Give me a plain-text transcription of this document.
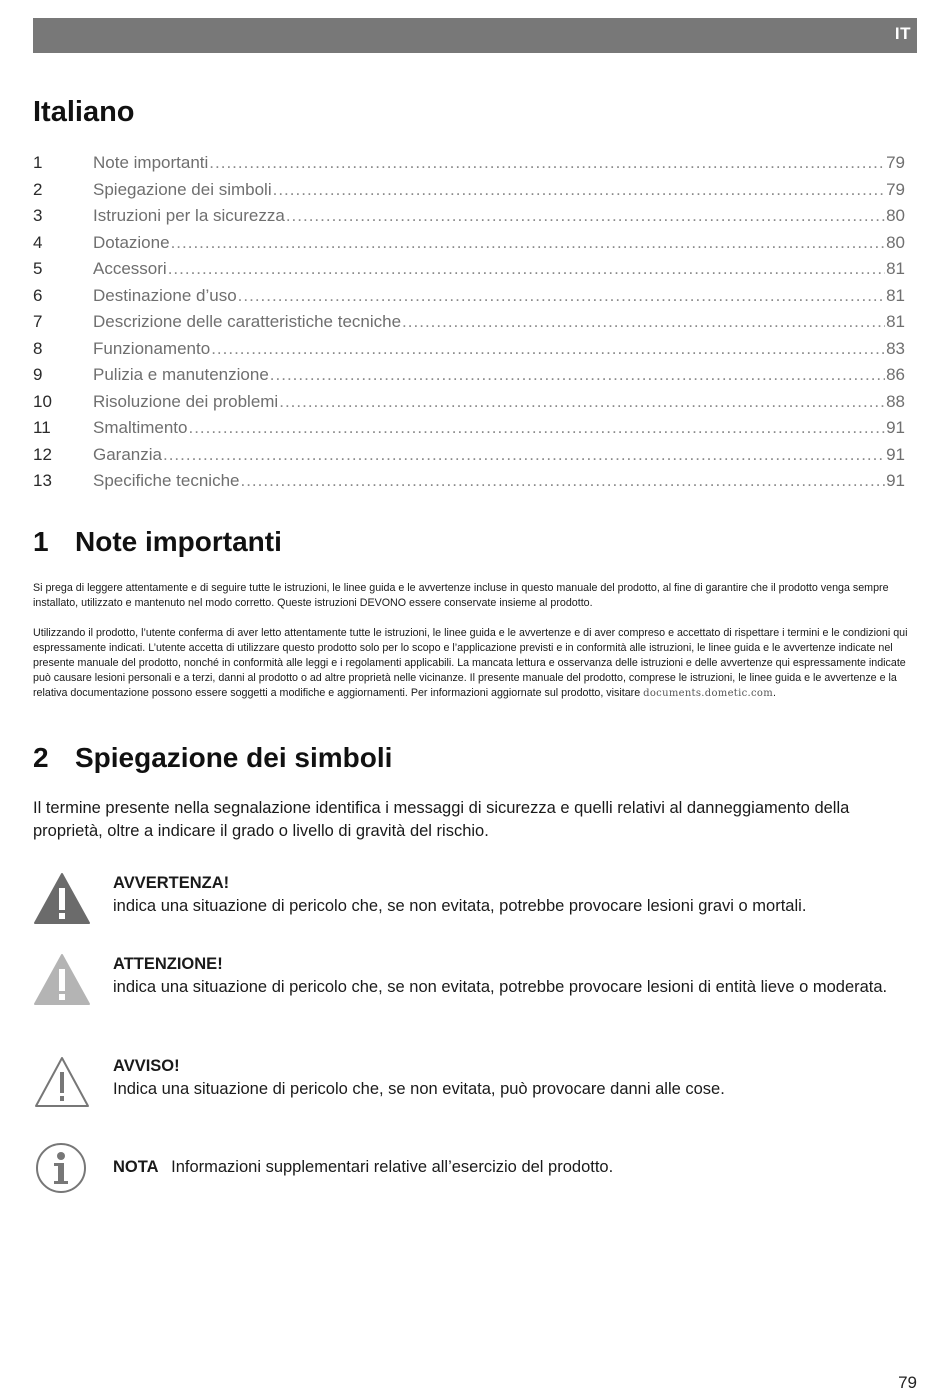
IT
Italiano
1	Note importanti .....	79
2	Spiegazione dei simboli .....	79
3	Istruzioni per la sicurezza .....	80
4	Dotazione .....	80
5	Accessori .....	81
6	Destinazione d’uso .....	81
7	Descrizione delle caratteristiche tecniche .....	81
8	Funzionamento .....	83
9	Pulizia e manutenzione .....	86
10	Risoluzione dei problemi .....	88
11	Smaltimento .....	91
12	Garanzia .....	91
13	Specifiche tecniche .....	91
1 Note importanti

Si prega di leggere attentamente e di seguire tutte le istruzioni, le linee guida e le avvertenze incluse in questo manuale del prodotto, al fine di garantire che il prodotto venga sempre installato, utilizzato e mantenuto nel modo corretto. Queste istruzioni DEVONO essere conservate insieme al prodotto.

Utilizzando il prodotto, l’utente conferma di aver letto attentamente tutte le istruzioni, le linee guida e le avvertenze e di aver compreso e accettato di rispettare i termini e le condizioni qui espressamente indicati. L’utente accetta di utilizzare questo prodotto solo per lo scopo e l’applicazione previsti e in conformità alle istruzioni, le linee guida e le avvertenze indicate nel presente manuale del prodotto, nonché in conformità alle leggi e i regolamenti applicabili. La mancata lettura e osservanza delle istruzioni e delle avvertenze qui espressamente indicate può causare lesioni personali e a terzi, danni al prodotto o ad altre proprietà nelle vicinanze. Il presente manuale del prodotto, comprese le istruzioni, le linee guida e le avvertenze e la relativa documentazione possono essere soggetti a modifiche e aggiornamenti. Per informazioni aggiornate sul prodotto, visitare documents.dometic.com.

2 Spiegazione dei simboli

Il termine presente nella segnalazione identifica i messaggi di sicurezza e quelli relativi al danneggiamento della proprietà, oltre a indicare il grado o livello di gravità del rischio.

AVVERTENZA!
indica una situazione di pericolo che, se non evitata, potrebbe provocare lesioni gravi o mortali.
ATTENZIONE!
indica una situazione di pericolo che, se non evitata, potrebbe provocare lesioni di entità lieve o moderata.
AVVISO!
Indica una situazione di pericolo che, se non evitata, può provocare danni alle cose.
NOTA Informazioni supplementari relative all’esercizio del prodotto.
79
